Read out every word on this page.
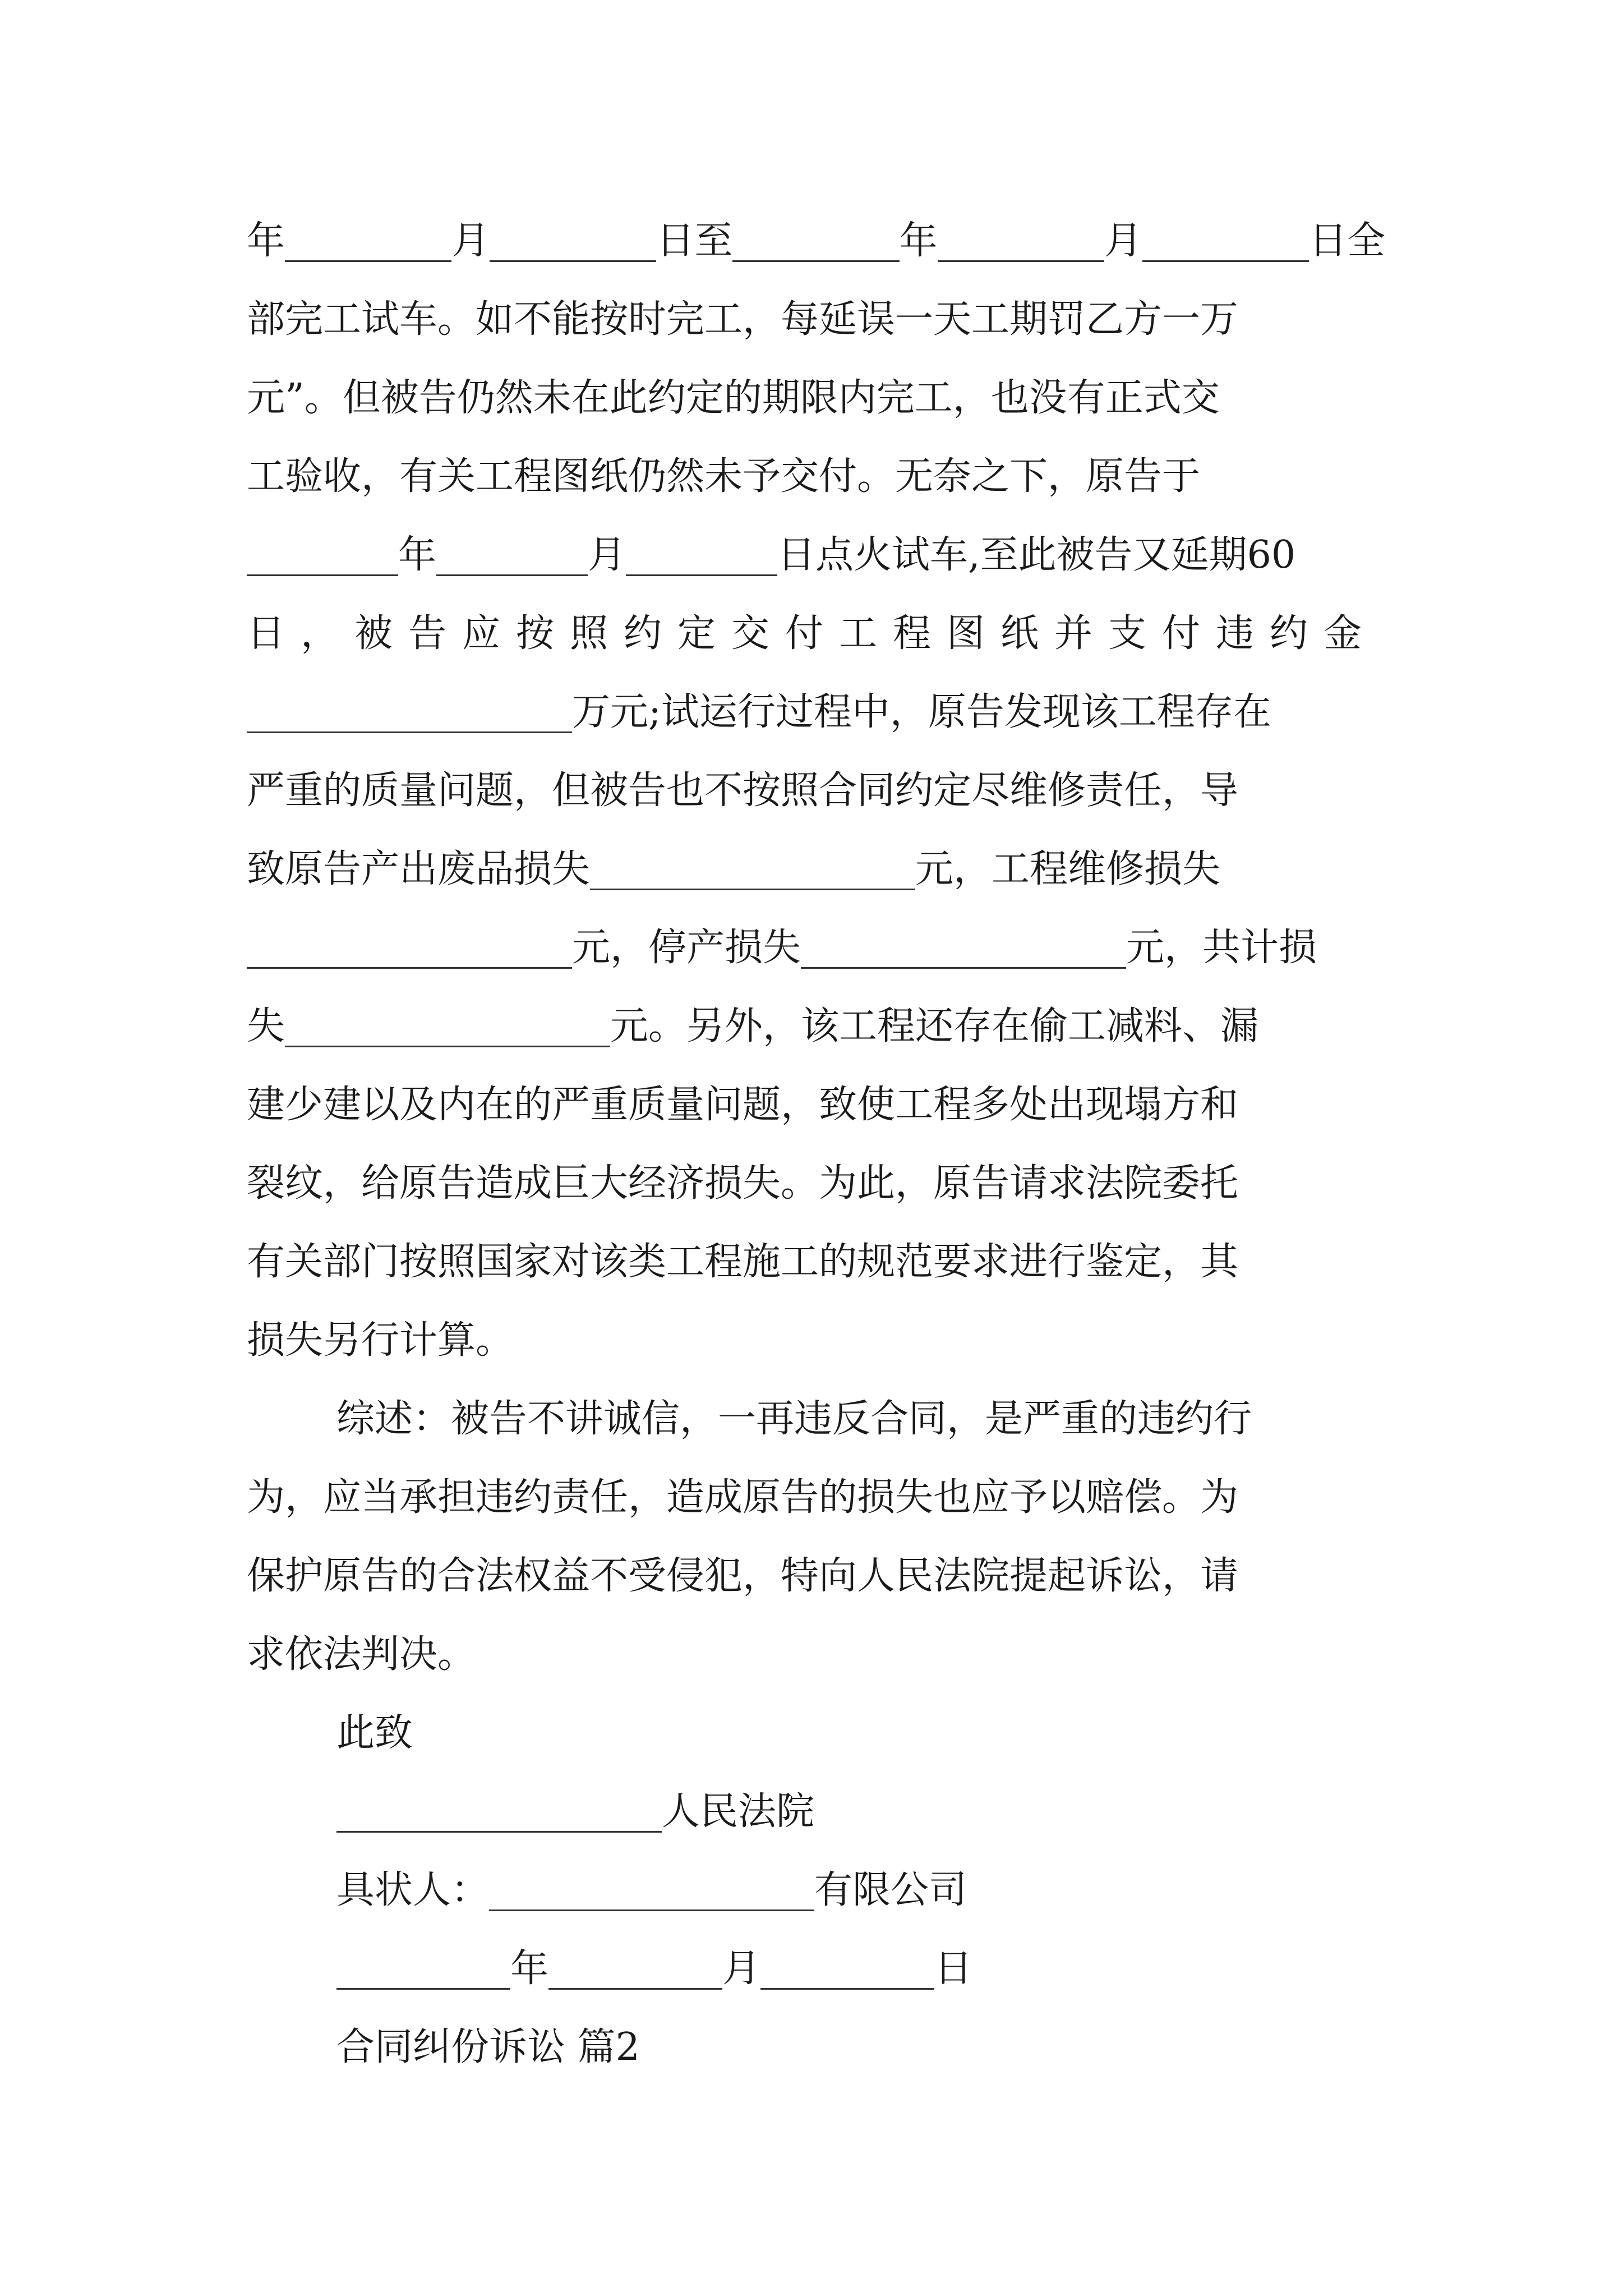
年	月	日至	年	月	日全
部完工试车。如不能按时完工，每延误一天工期罚乙方一万
元”。但被告仍然未在此约定的期限内完工，也没有正式交
工验收，有关工程图纸仍然未予交付。无奈之下，原告于
年	月	日点火试车,至此被告又延期60
日，被告应按照约定交付工程图纸并支付违约金
万元;试运行过程中，原告发现该工程存在
严重的质量问题，但被告也不按照合同约定尽维修责任，导
致原告产出废品损失	元，工程维修损失
元，停产损失	元，共计损
失	元。另外，该工程还存在偷工减料、漏
建少建以及内在的严重质量问题，致使工程多处出现塌方和
裂纹，给原告造成巨大经济损失。为此，原告请求法院委托
有关部门按照国家对该类工程施工的规范要求进行鉴定，其
损失另行计算。
综述：被告不讲诚信，一再违反合同，是严重的违约行
为，应当承担违约责任，造成原告的损失也应予以赔偿。为
保护原告的合法权益不受侵犯，特向人民法院提起诉讼，请
求依法判决。
此致
人民法院
具状人：	有限公司
年	月	日
合同纠份诉讼 篇2
